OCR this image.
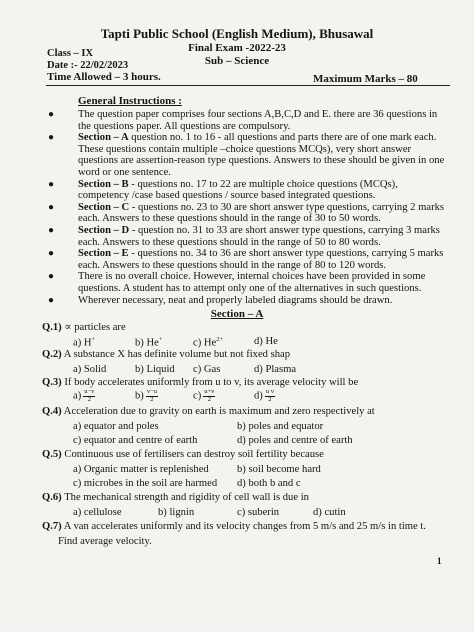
Tapti Public School (English Medium), Bhusawal
Final Exam -2022-23
Sub – Science
Class – IX
Date :- 22/02/2023
Time Allowed – 3 hours.	Maximum Marks – 80
General Instructions :

● The question paper comprises four sections A,B,C,D and E. there are 36 questions in the questions paper. All questions are compulsory.

● Section – A question no. 1 to 16 - all questions and parts there are of one mark each. These questions contain multiple –choice questions MCQs), very short answer questions are assertion-reason type questions. Answers to these should be given in one word or one sentence.

● Section – B - questions no. 17 to 22 are multiple choice questions (MCQs), competency /case based questions / source based integrated questions.

● Section – C - questions no. 23 to 30 are short answer type questions, carrying 2 marks each. Answers to these questions should in the range of 30 to 50 words.

● Section – D - question no. 31 to 33 are short answer type questions, carrying 3 marks each. Answers to these questions should in the range of 50 to 80 words.

● Section – E - questions no. 34 to 36 are short answer type questions, carrying 5 marks each. Answers to these questions should in the range of 80 to 120 words.

● There is no overall choice. However, internal choices have been provided in some questions. A student has to attempt only one of the alternatives in such questions.

● Wherever necessary, neat and properly labeled diagrams should be drawn.

Section – A
Q.1) ∝ particles are
a) H+	b) He+	c) $He^{2+}$	d) He
Q.2) A substance X has definite volume but not fixed shap
a) Solid	b) Liquid c) Gas	d) Plasma
Q.3) If body accelerates uniformly from u to v, its average velocity will be
$a) \frac{u-v}{2}$	$b) \frac{v-u}{2}$	$c) \frac{u+v}{2}$	$d) \frac{\text{u v}}{2}$
Q.4) Acceleration due to gravity on earth is maximum and zero respectively at
a) equator and poles	b) poles and equator
c) equator and centre of earth	d) poles and centre of earth
Q.5) Continuous use of fertilisers can destroy soil fertility because
a) Organic matter is replenished	b) soil become hard
c) microbes in the soil are harmed d) both b and c
Q.6) The mechanical strength and rigidity of cell wall is due in
a) cellulose	b) lignin	c) suberin	d) cutin
Q.7) A van accelerates uniformly and its velocity changes from 5 m/s and 25 m/s in time t.
Find average velocity.
1
